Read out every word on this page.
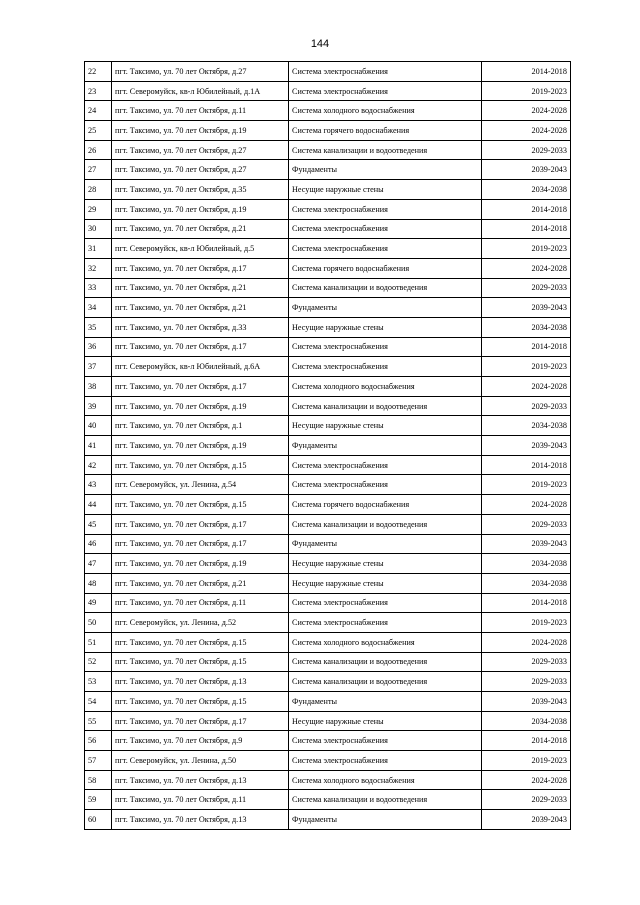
144
22	пгт. Таксимо, ул. 70 лет Октября, д.27	Система электроснабжения	2014-2018
23	пгт. Северомуйск, кв-л Юбилейный, д.1А	Система электроснабжения	2019-2023
24	пгт. Таксимо, ул. 70 лет Октября, д.11	Система холодного водоснабжения	2024-2028
25	пгт. Таксимо, ул. 70 лет Октября, д.19	Система горячего водоснабжения	2024-2028
26	пгт. Таксимо, ул. 70 лет Октября, д.27	Система канализации и водоотведения	2029-2033
27	пгт. Таксимо, ул. 70 лет Октября, д.27	Фундаменты	2039-2043
28	пгт. Таксимо, ул. 70 лет Октября, д.35	Несущие наружные стены	2034-2038
29	пгт. Таксимо, ул. 70 лет Октября, д.19	Система электроснабжения	2014-2018
30	пгт. Таксимо, ул. 70 лет Октября, д.21	Система электроснабжения	2014-2018
31	пгт. Северомуйск, кв-л Юбилейный, д.5	Система электроснабжения	2019-2023
32	пгт. Таксимо, ул. 70 лет Октября, д.17	Система горячего водоснабжения	2024-2028
33	пгт. Таксимо, ул. 70 лет Октября, д.21	Система канализации и водоотведения	2029-2033
34	пгт. Таксимо, ул. 70 лет Октября, д.21	Фундаменты	2039-2043
35	пгт. Таксимо, ул. 70 лет Октября, д.33	Несущие наружные стены	2034-2038
36	пгт. Таксимо, ул. 70 лет Октября, д.17	Система электроснабжения	2014-2018
37	пгт. Северомуйск, кв-л Юбилейный, д.6А	Система электроснабжения	2019-2023
38	пгт. Таксимо, ул. 70 лет Октября, д.17	Система холодного водоснабжения	2024-2028
39	пгт. Таксимо, ул. 70 лет Октября, д.19	Система канализации и водоотведения	2029-2033
40	пгт. Таксимо, ул. 70 лет Октября, д.1	Несущие наружные стены	2034-2038
41	пгт. Таксимо, ул. 70 лет Октября, д.19	Фундаменты	2039-2043
42	пгт. Таксимо, ул. 70 лет Октября, д.15	Система электроснабжения	2014-2018
43	пгт. Северомуйск, ул. Ленина, д.54	Система электроснабжения	2019-2023
44	пгт. Таксимо, ул. 70 лет Октября, д.15	Система горячего водоснабжения	2024-2028
45	пгт. Таксимо, ул. 70 лет Октября, д.17	Система канализации и водоотведения	2029-2033
46	пгт. Таксимо, ул. 70 лет Октября, д.17	Фундаменты	2039-2043
47	пгт. Таксимо, ул. 70 лет Октября, д.19	Несущие наружные стены	2034-2038
48	пгт. Таксимо, ул. 70 лет Октября, д.21	Несущие наружные стены	2034-2038
49	пгт. Таксимо, ул. 70 лет Октября, д.11	Система электроснабжения	2014-2018
50	пгт. Северомуйск, ул. Ленина, д.52	Система электроснабжения	2019-2023
51	пгт. Таксимо, ул. 70 лет Октября, д.15	Система холодного водоснабжения	2024-2028
52	пгт. Таксимо, ул. 70 лет Октября, д.15	Система канализации и водоотведения	2029-2033
53	пгт. Таксимо, ул. 70 лет Октября, д.13	Система канализации и водоотведения	2029-2033
54	пгт. Таксимо, ул. 70 лет Октября, д.15	Фундаменты	2039-2043
55	пгт. Таксимо, ул. 70 лет Октября, д.17	Несущие наружные стены	2034-2038
56	пгт. Таксимо, ул. 70 лет Октября, д.9	Система электроснабжения	2014-2018
57	пгт. Северомуйск, ул. Ленина, д.50	Система электроснабжения	2019-2023
58	пгт. Таксимо, ул. 70 лет Октября, д.13	Система холодного водоснабжения	2024-2028
59	пгт. Таксимо, ул. 70 лет Октября, д.11	Система канализации и водоотведения	2029-2033
60	пгт. Таксимо, ул. 70 лет Октября, д.13	Фундаменты	2039-2043
